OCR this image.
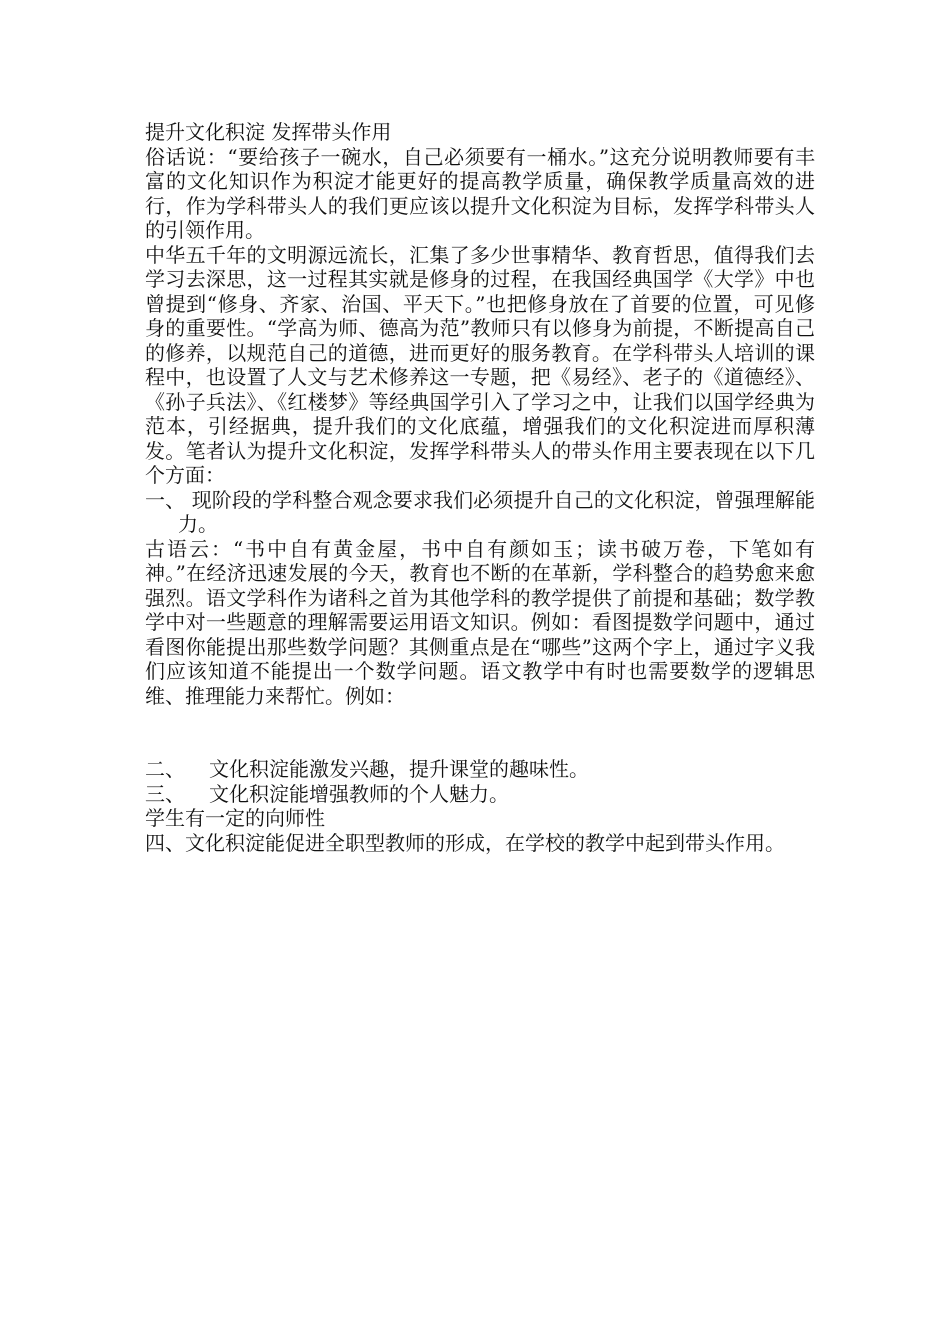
提升文化积淀 发挥带头作用

俗话说：“要给孩子一碗水，自己必须要有一桶水。”这充分说明教师要有丰富的文化知识作为积淀才能更好的提高教学质量，确保教学质量高效的进行，作为学科带头人的我们更应该以提升文化积淀为目标，发挥学科带头人的引领作用。

中华五千年的文明源远流长，汇集了多少世事精华、教育哲思，值得我们去学习去深思，这一过程其实就是修身的过程，在我国经典国学《大学》中也曾提到“修身、齐家、治国、平天下。”也把修身放在了首要的位置，可见修身的重要性。“学高为师、德高为范”教师只有以修身为前提，不断提高自己的修养，以规范自己的道德，进而更好的服务教育。在学科带头人培训的课程中，也设置了人文与艺术修养这一专题，把《易经》、老子的《道德经》、《孙子兵法》、《红楼梦》等经典国学引入了学习之中，让我们以国学经典为范本，引经据典，提升我们的文化底蕴，增强我们的文化积淀进而厚积薄发。笔者认为提升文化积淀，发挥学科带头人的带头作用主要表现在以下几个方面：

一、 现阶段的学科整合观念要求我们必须提升自己的文化积淀，曾强理解能力。

古语云：“书中自有黄金屋，书中自有颜如玉；读书破万卷，下笔如有神。”在经济迅速发展的今天，教育也不断的在革新，学科整合的趋势愈来愈强烈。语文学科作为诸科之首为其他学科的教学提供了前提和基础；数学教学中对一些题意的理解需要运用语文知识。例如：看图提数学问题中，通过看图你能提出那些数学问题？其侧重点是在“哪些”这两个字上，通过字义我们应该知道不能提出一个数学问题。语文教学中有时也需要数学的逻辑思维、推理能力来帮忙。例如：

二、	文化积淀能激发兴趣，提升课堂的趣味性。
三、	文化积淀能增强教师的个人魅力。

学生有一定的向师性

四、文化积淀能促进全职型教师的形成，在学校的教学中起到带头作用。
